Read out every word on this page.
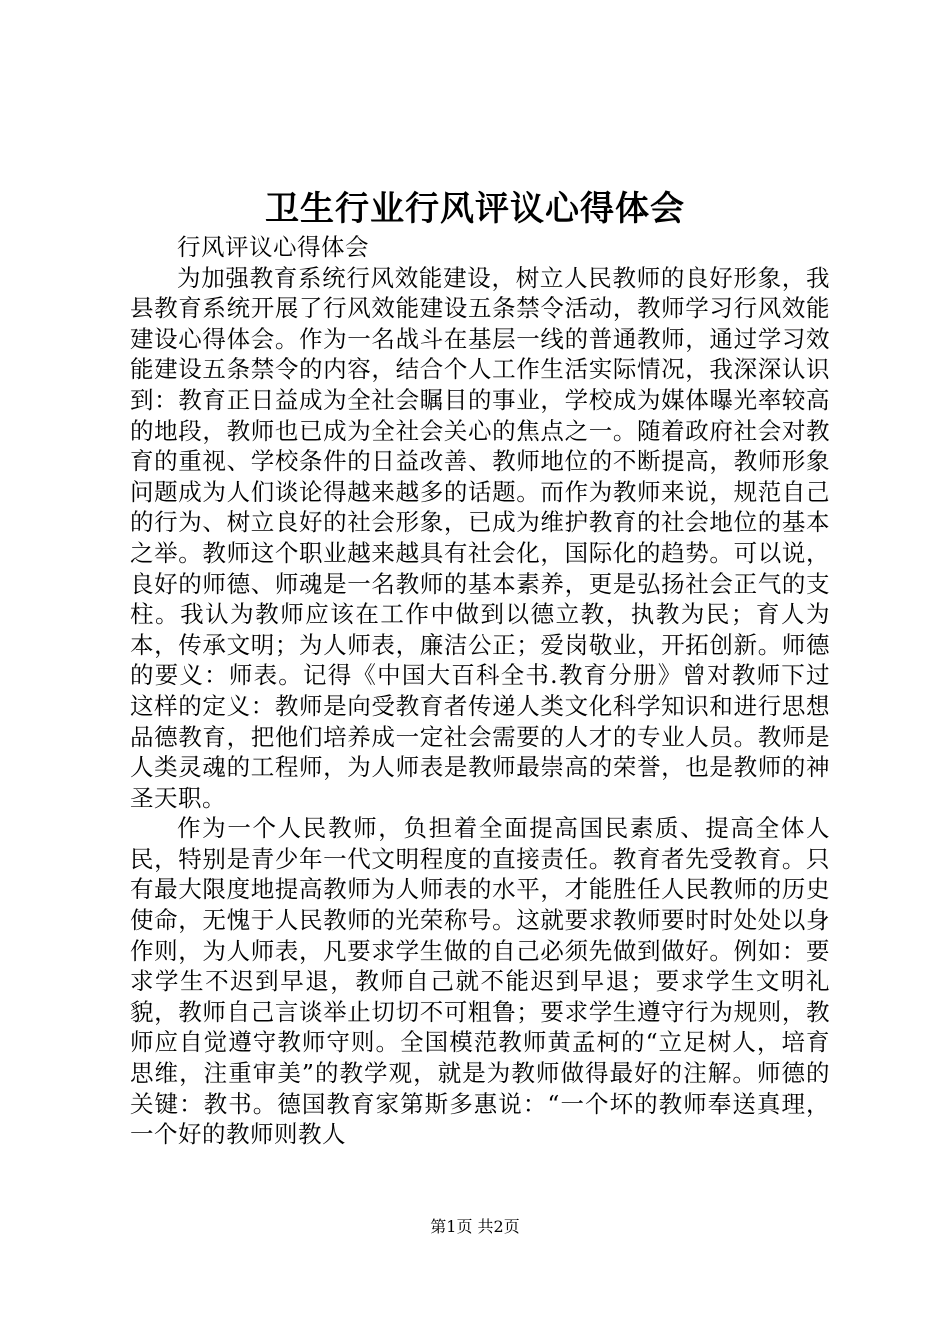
卫生行业行风评议心得体会

行风评议心得体会

为加强教育系统行风效能建设，树立人民教师的良好形象，我县教育系统开展了行风效能建设五条禁令活动，教师学习行风效能建设心得体会。作为一名战斗在基层一线的普通教师，通过学习效能建设五条禁令的内容，结合个人工作生活实际情况，我深深认识到：教育正日益成为全社会瞩目的事业，学校成为媒体曝光率较高的地段，教师也已成为全社会关心的焦点之一。随着政府社会对教育的重视、学校条件的日益改善、教师地位的不断提高，教师形象问题成为人们谈论得越来越多的话题。而作为教师来说，规范自己的行为、树立良好的社会形象，已成为维护教育的社会地位的基本之举。教师这个职业越来越具有社会化，国际化的趋势。可以说，良好的师德、师魂是一名教师的基本素养，更是弘扬社会正气的支柱。我认为教师应该在工作中做到以德立教，执教为民；育人为本，传承文明；为人师表，廉洁公正；爱岗敬业，开拓创新。师德的要义：师表。记得《中国大百科全书.教育分册》曾对教师下过这样的定义：教师是向受教育者传递人类文化科学知识和进行思想品德教育，把他们培养成一定社会需要的人才的专业人员。教师是人类灵魂的工程师，为人师表是教师最崇高的荣誉，也是教师的神圣天职。

作为一个人民教师，负担着全面提高国民素质、提高全体人民，特别是青少年一代文明程度的直接责任。教育者先受教育。只有最大限度地提高教师为人师表的水平，才能胜任人民教师的历史使命，无愧于人民教师的光荣称号。这就要求教师要时时处处以身作则，为人师表，凡要求学生做的自己必须先做到做好。例如：要求学生不迟到早退，教师自己就不能迟到早退；要求学生文明礼貌，教师自己言谈举止切切不可粗鲁；要求学生遵守行为规则，教师应自觉遵守教师守则。全国模范教师黄孟柯的“立足树人，培育思维，注重审美”的教学观，就是为教师做得最好的注解。师德的关键：教书。德国教育家第斯多惠说：“一个坏的教师奉送真理，一个好的教师则教人

第1页 共2页
